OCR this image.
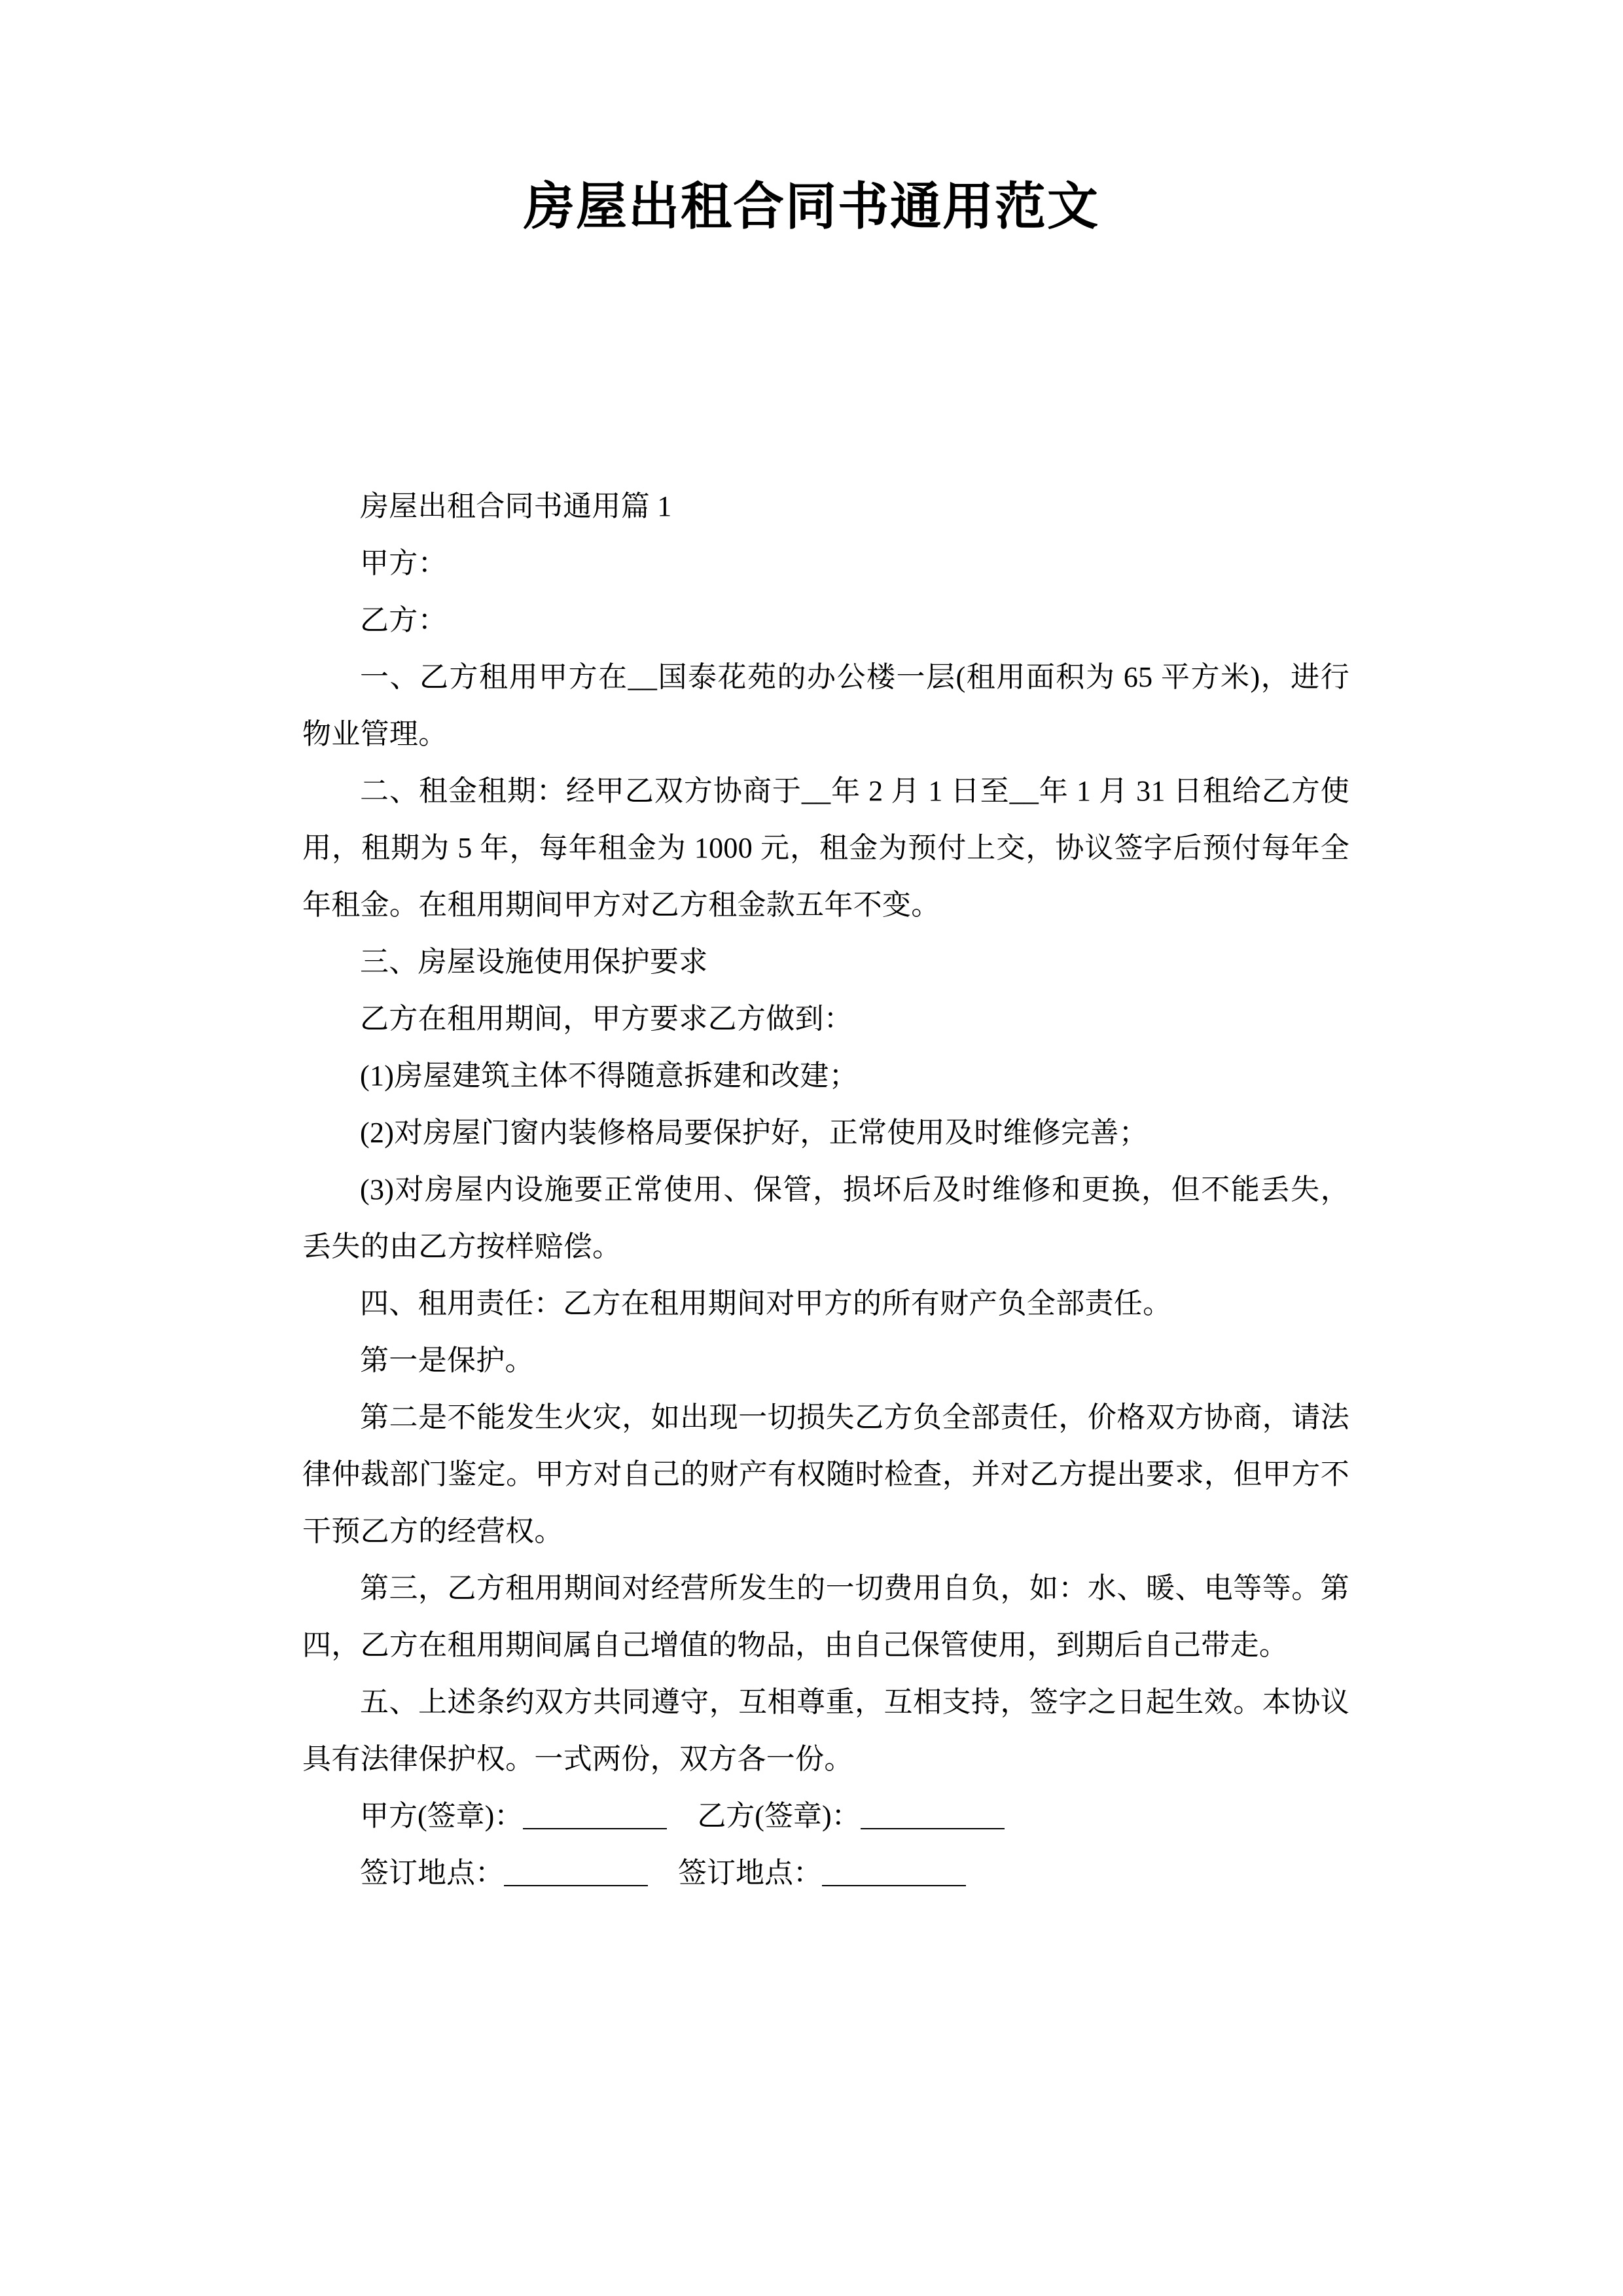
房屋出租合同书通用范文

房屋出租合同书通用篇 1

甲方：

乙方：

一、乙方租用甲方在__国泰花苑的办公楼一层(租用面积为 65 平方米)，进行物业管理。

二、租金租期：经甲乙双方协商于__年 2 月 1 日至__年 1 月 31 日租给乙方使用，租期为 5 年，每年租金为 1000 元，租金为预付上交，协议签字后预付每年全年租金。在租用期间甲方对乙方租金款五年不变。

三、房屋设施使用保护要求

乙方在租用期间，甲方要求乙方做到：

(1)房屋建筑主体不得随意拆建和改建；

(2)对房屋门窗内装修格局要保护好，正常使用及时维修完善；

(3)对房屋内设施要正常使用、保管，损坏后及时维修和更换，但不能丢失，丢失的由乙方按样赔偿。

四、租用责任：乙方在租用期间对甲方的所有财产负全部责任。

第一是保护。

第二是不能发生火灾，如出现一切损失乙方负全部责任，价格双方协商，请法律仲裁部门鉴定。甲方对自己的财产有权随时检查，并对乙方提出要求，但甲方不干预乙方的经营权。

第三，乙方租用期间对经营所发生的一切费用自负，如：水、暖、电等等。第四，乙方在租用期间属自己增值的物品，由自己保管使用，到期后自己带走。

五、上述条约双方共同遵守，互相尊重，互相支持，签字之日起生效。本协议具有法律保护权。一式两份，双方各一份。

甲方(签章)：	乙方(签章)：
签订地点：	签订地点：
